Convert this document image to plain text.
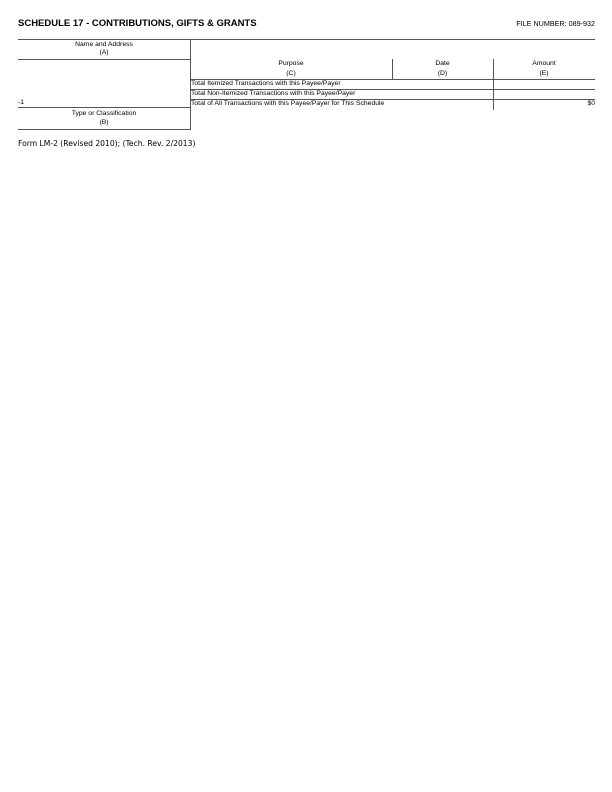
SCHEDULE 17 - CONTRIBUTIONS, GIFTS & GRANTS	FILE NUMBER: 089-932
Name and Address
(A)
-1
Type or Classification
(B)
Purpose
(C)
Date
(D)
Amount
(E)
Total Itemized Transactions with this Payee/Payer
Total Non-Itemized Transactions with this Payee/Payer
Total of All Transactions with this Payee/Payer for This Schedule	$0
Form LM-2 (Revised 2010); (Tech. Rev. 2/2013)
